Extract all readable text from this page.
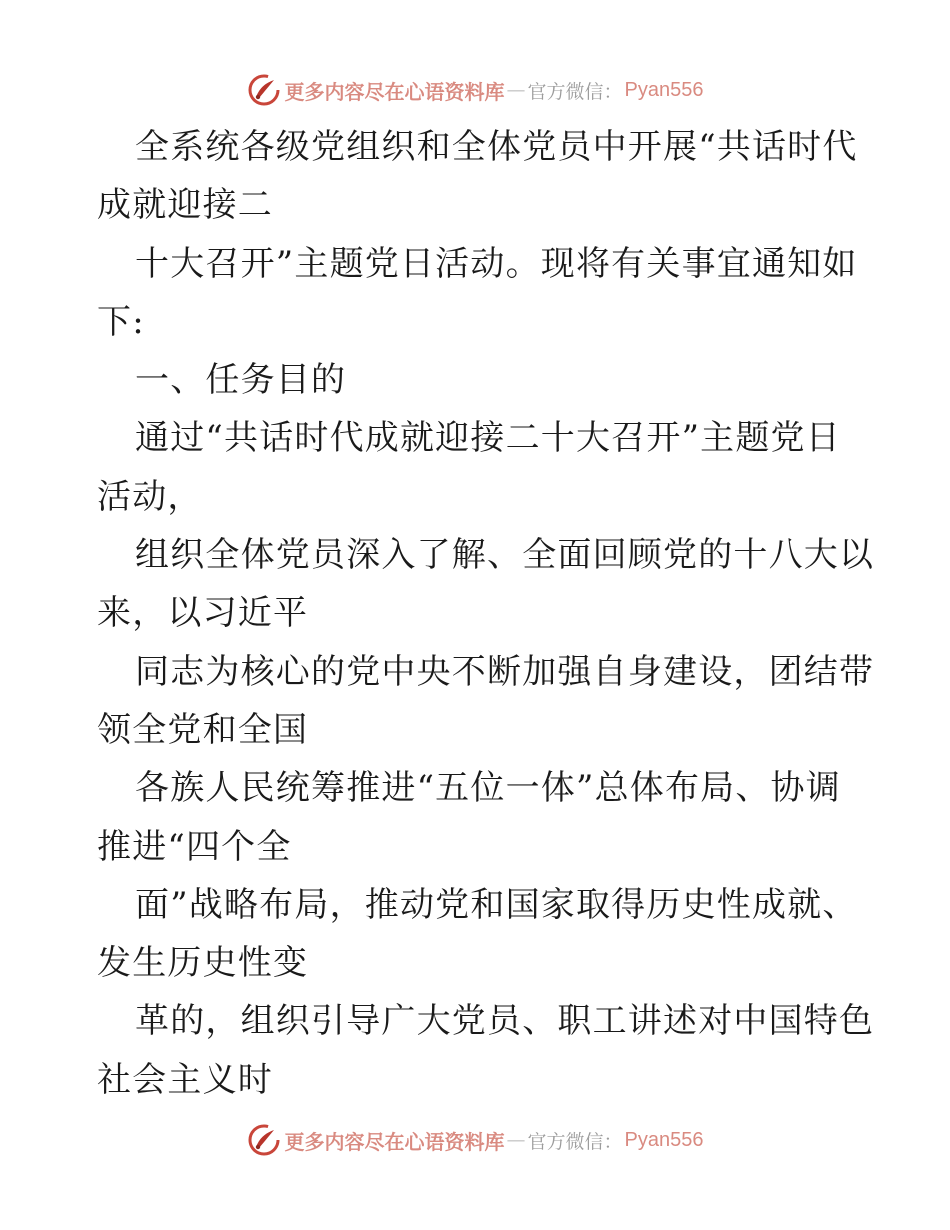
更多内容尽在心语资料库 — 官方微信： Pyan556
全系统各级党组织和全体党员中开展“共话时代
成就迎接二
十大召开”主题党日活动。现将有关事宜通知如
下:
一、任务目的
通过“共话时代成就迎接二十大召开”主题党日
活动，
组织全体党员深入了解、全面回顾党的十八大以
来，以习近平
同志为核心的党中央不断加强自身建设，团结带
领全党和全国
各族人民统筹推进“五位一体”总体布局、协调
推进“四个全
面”战略布局，推动党和国家取得历史性成就、
发生历史性变
革的，组织引导广大党员、职工讲述对中国特色
社会主义时
更多内容尽在心语资料库 — 官方微信： Pyan556
